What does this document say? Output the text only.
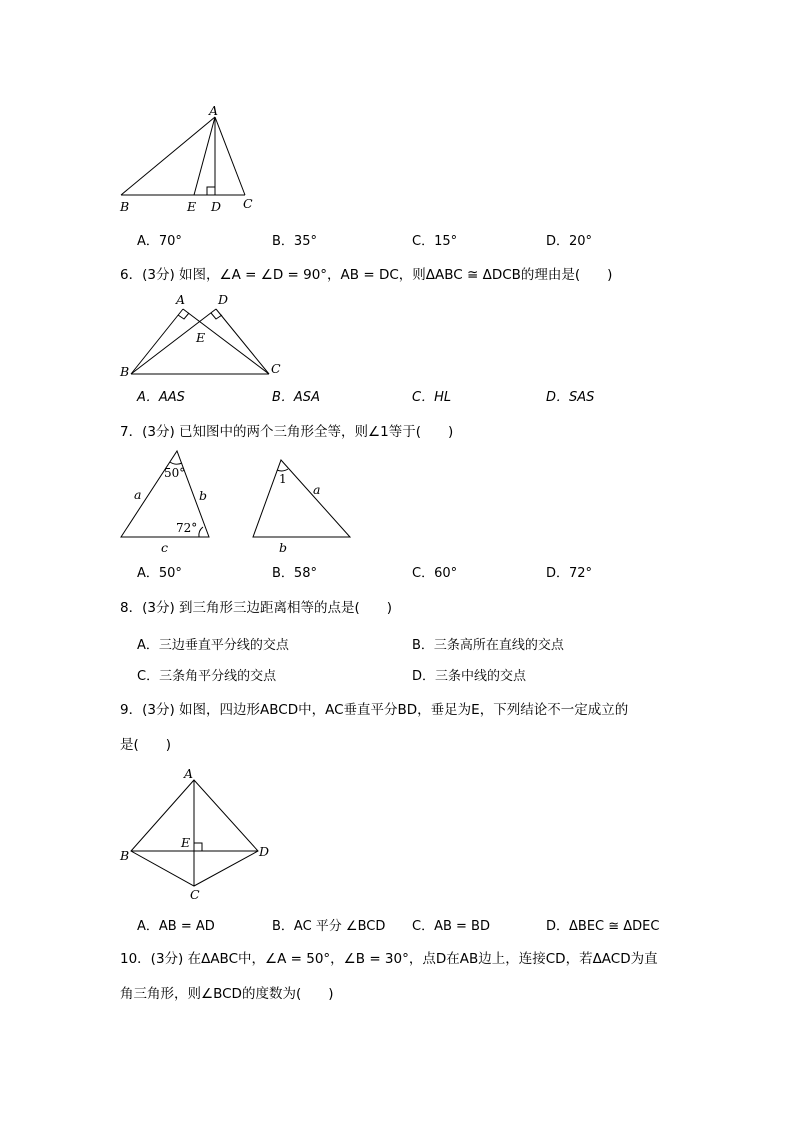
A
B	E D C
A．70°	B．35°	C．15°	D．20°
6．(3分) 如图，∠A = ∠D = 90°，AB = DC，则ΔABC ≅ ΔDCB的理由是(　　)
A	D
E
B	C
A．AAS	B．ASA	C．HL	D．SAS
7．(3分) 已知图中的两个三角形全等，则∠1等于(　　)
50°
a	b
72°
c
1
a
b
A．50°	B．58°	C．60°	D．72°
8．(3分) 到三角形三边距离相等的点是(　　)
A．三边垂直平分线的交点	B．三条高所在直线的交点
C．三条角平分线的交点	D．三条中线的交点
9．(3分) 如图，四边形ABCD中，AC垂直平分BD，垂足为E，下列结论不一定成立的
是(　　)
A
B
E
D
C
A．AB = AD	B．AC 平分 ∠BCD C．AB = BD	D．ΔBEC ≅ ΔDEC
10．(3分) 在ΔABC中，∠A = 50°，∠B = 30°，点D在AB边上，连接CD，若ΔACD为直
角三角形，则∠BCD的度数为(　　)
